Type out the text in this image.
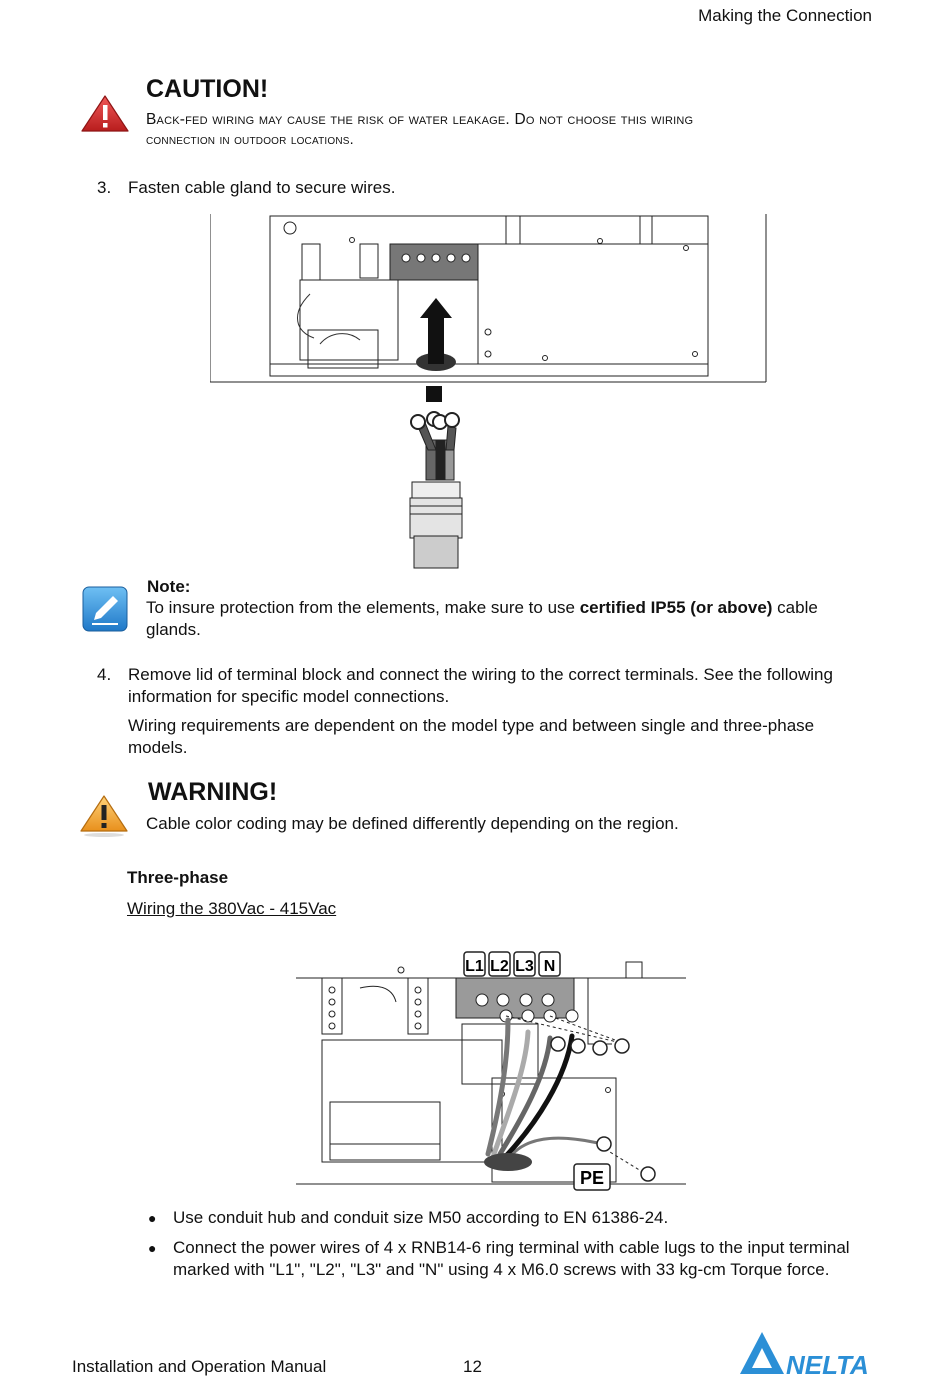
Making the Connection
CAUTION!
Back-fed wiring may cause the risk of water leakage. Do not choose this wiring
connection in outdoor locations.
3. Fasten cable gland to secure wires.
Note:
To insure protection from the elements, make sure to use certified IP55 (or above) cable glands.
4. Remove lid of terminal block and connect the wiring to the correct terminals. See the following information for specific model connections.
Wiring requirements are dependent on the model type and between single and three-phase models.
WARNING!
Cable color coding may be defined differently depending on the region.
Three-phase
Wiring the 380Vac - 415Vac
L1 L2 L3 N
PE
● Use conduit hub and conduit size M50 according to EN 61386-24.
● Connect the power wires of 4 x RNB14-6 ring terminal with cable lugs to the input terminal marked with "L1", "L2", "L3" and "N" using 4 x M6.0 screws with 33 kg-cm Torque force.
Installation and Operation Manual	12	NELTA
